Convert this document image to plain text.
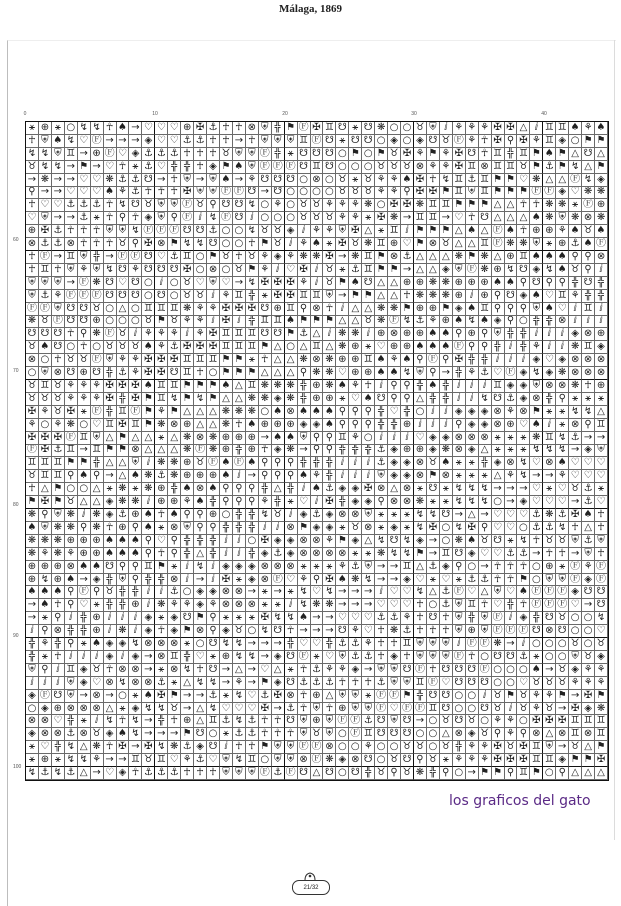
Málaga, 1869
0	10	20	30	40
60
70
80
90
100
⚹ ⊕ ⚹ ○ ↯ ↯ ☥ ♠ → ♡ ♡ ♡ ⊕ ✠ ⚓ ☥ ☥ ⊗ ⛨ ╬ ⚑ Ⓕ ✠ ♊ ☋ ⚹ ☋ ❋ ○ ○ ♉ ⛨ ⅈ ⚘ ⚘ ⚘ ✠ ✠ △ ⅈ ♊ ♊ ♠ ⚘ ♠
☥ ⛨ ♠ ↯ ♡ Ⓕ → → → ◈ ♡ ♡ ⚓ ⚓ ☥ ☥ → ☥ ⛨ ⛨ ⛨ ♊ Ⓕ ☋ ⚹ ☋ ☋ ○ ◈ ○ ◈ ☋ ♉ Ⓕ ⚘ ☥ ✠ ⚲ ✠ ⚘ ♊ ◈ ○ ⚑ ⚑
↯ ↯ ⛨ ♊ → ⊕ Ⓕ ♡ ◈ ⚓ ⚓ ⚓ ☥ ☥ ☥ ♉ ⛨ ⛨ Ⓕ ╬ ⚹ ☋ ☋ ☋ ○ ⚑ ○ ⚑ ♉ ✠ ⚘ ⚑ ⚘ ✠ ☋ ☥ ♊ ╬ ♊ ⚑ ♠ ⚑ △ ☋ △
♉ ↯ ↯ → ⚑ → ♡ ☥ ⚹ ⚓ ♡ ╬ ╬ ☥ ◈ ⚑ ♠ ⛨ Ⓕ Ⓕ Ⓕ ☋ ♊ ☋ ○ ○ ○ ♉ ♉ ♉ ⊗ ⚘ ⚘ ✠ ♊ ⊗ ♊ ♊ ♉ ⚑ ⚓ ⚑ ↯ △ ⚑
→ ❋ → → ♡ ♡ ❋ ⚓ ⚓ ☋ → ☥ ⛨ → ⛨ ♠ → ⚘ ☋ ☋ ☋ ○ ⊗ ○ ♉ ⚹ ♉ ⚘ ⚘ ♠ ✠ ☥ ↯ ♊ ⚓ ♊ ⚑ ⚑ ♡ ❋ △ △ Ⓕ ↯ ◈
⚲ → → ♡ ♡ ♡ ♠ ⚘ ⚓ ☥ ☥ ☥ ✠ ⛨ ⛨ Ⓕ Ⓕ ☋ → ☋ ○ ○ ○ ○ ♉ ♉ ♉ ⚘ ⚘ ⚲ ✠ ✠ ⚑ ♊ ⛨ ♊ ⚑ ⚑ ⚑ Ⓕ Ⓕ ◈ ♡ ❋ ❋
☥ ♡ ♡ ⚓ ⚓ ⚓ ☥ ↯ ☋ ♉ ⛨ ⛨ Ⓕ ♉ ⚲ ☋ ☋ ↯ ○ ⚘ ○ ♉ ♉ ⚘ ⚘ ⚘ ❋ ○ ✠ ✠ ❋ ♊ ♊ ⚑ ⚑ ⚑ △ △ ☥ ☥ ❋ ❋ ⚹ Ⓕ ⊕
♡ ⛨ → → ⚓ ⚹ ☥ ⚲ ☥ ◈ ⛨ ⚲ Ⓕ ⅈ ↯ Ⓕ ☋ ⅈ ○ ○ ○ ♉ ♉ ♉ ⚘ ⚘ ⚹ ✠ ❋ → ♊ ♊ → ♡ ☥ ☋ △ △ △ ♠ ❋ ⛨ ❋ ⊗ ❋
⊕ ✠ ⚓ ☥ ☥ ☥ ⛨ ⛨ ↯ Ⓕ Ⓕ Ⓕ ☋ ☋ ⚓ ○ ○ ↯ ♉ ♉ ◈ ⅈ ⚘ ⚘ ⛨ ✠ △ ⚹ ♊ ⅈ ⚑ ⚑ ⚑ △ ♠ △ Ⓕ ♠ ☥ ⊕ ⊕ ⚘ ♠ ♉ ♠
⊗ ⚓ ⚓ ⊗ ☥ ☥ ☥ ♉ ⚲ ✠ ⊗ ⚑ ↯ ↯ ☋ ○ ○ ☥ ⚑ ♉ ⅈ ⚘ ♠ ⚹ ✠ ♉ ❋ ♊ ⊕ ♡ ⚑ ⊗ ♉ △ △ ♊ Ⓕ ❋ ❋ ⛨ ⚹ ⊕ ⚓ ♠ Ⓕ
☥ Ⓕ → ♊ ⛨ ╬ → Ⓕ Ⓕ ☋ ♡ ⚓ ♊ ○ ⚑ ♉ ☥ ♉ ⚘ ◈ ⚘ ❋ ❋ ✠ → ❋ ♊ ⚑ ⊗ ⚓ △ △ △ ❋ ⚑ ❋ △ ⊕ ♊ ♠ ♠ ♠ ⚲ ⚲ ⊗
☥ ♊ ☥ ⛨ ⚘ ⛨ ↯ ☋ ⚘ ☋ ☋ ☋ ✠ ○ ⊗ ○ ♉ ⚑ ⚘ ⅈ ♡ ✠ ⅈ ♉ ⚹ ⚓ ♊ ⚑ ⚑ → △ △ ◈ ⛨ Ⓕ ❋ ⊕ ↯ ☋ ◈ ↯ ♠ ♉ ⚲ ⅈ
⛨ ⛨ ⛨ → Ⓕ ❋ ☋ ♡ ☋ ○ ⅈ ○ ♉ ♡ ⛨ ♡ → ↯ ✠ ✠ ✠ ⚘ ⅈ ♉ ⚑ ♠ ☋ △ △ ⊕ ⊕ ❋ ❋ ⊕ ⊕ ⊕ ♠ ♠ ⚲ ☋ ⚲ ⚲ ╬ ☋ ╬
⛨ ⚓ ⚘ Ⓕ Ⓕ Ⓕ ☋ ☋ ☋ ○ ☋ ○ ♉ ♉ ⅈ ⚘ ♊ ╬ ⚹ ✠ ✠ ♊ ♊ ⛨ → ⚑ ⚑ △ △ ☥ ❋ ❋ ❋ ⊕ ⅈ ⊕ ⚲ ☋ ◈ ♠ ♡ ♊ ⚘ ╬ ╬
Ⓕ Ⓕ ⛨ ☋ ☋ ♉ ○ △ ○ ♊ ♊ ♊ ❋ ⚘ ⚘ ✠ ✠ ✠ ☋ ⊕ ♊ ⚲ ⊗ ☥ ⅈ △ △ ❋ ❋ ⚑ ⊕ ⊕ ⚑ ◈ ♠ ♊ ⚲ ⚲ ⚲ ⛨ ♠ ♡ ⅈ ♊ ⅈ
❋ ♉ Ⓕ ☋ ☋ ⊕ ○ ○ ○ ♉ ⚑ ♉ ⚘ ⚘ ⅈ ✠ ⅈ ╬ ♊ ♊ ♠ ⚑ ⚑ ⚑ △ △ ♉ ❋ Ⓕ ↯ ⚓ ⚘ ⊕ ♠ ↯ ♠ ◈ ⚲ ○ ╬ ╬ ⊗ ⅈ ⅈ ⅈ
☋ ☋ ☋ ☥ ⚲ ❋ Ⓕ ♉ ⅈ ⚘ ⚘ ⚘ ⅈ ⚘ ✠ ♊ ♊ ♊ ☋ ☋ ⚑ ⚓ △ ⅈ ❋ ❋ ⅈ ⊕ ⊗ ⊕ ⊕ ♠ ♠ ⚲ ⊕ ⚲ ⛨ ╬ ╬ ⅈ ⅈ ⅈ ◈ ⊗ ⊕
♉ ♠ ☋ ○ ☥ ○ ♉ ♉ ♉ ♠ ⚘ ⚓ ✠ ✠ ✠ ♊ ♊ ♊ ⚑ △ ○ △ ♊ △ ❋ ⊕ ⚹ ♡ ⊕ ⊕ ♠ ♠ ♠ Ⓕ ⚲ ⚲ ╬ ⅈ ╬ ⚘ ⅈ ⅈ ❋ ♊ ◈
⊗ ○ ☥ ♉ ♉ Ⓕ ⛨ ⚘ ⚘ ✠ ✠ ✠ ♊ ♊ ♊ ⚑ ⚑ ⚹ ☥ △ △ ❋ ⊗ ❋ ⊕ ⊕ ♊ ♠ ⚘ ♠ ⚲ Ⓕ ⚲ ✠ ╬ ╬ ⅈ ⅈ ⅈ ◈ ♡ ◈ ⊗ ⊗ ⊗
○ ⛨ ⊗ ☋ ⊕ ☋ ╬ ⚓ ⚘ ✠ ✠ ☋ ♊ ☥ ○ ⚑ ⚑ ⚑ △ △ △ ⚲ ❋ ❋ ♡ ⊕ ⊕ ♠ ♠ ↯ ⛨ ⚲ → ╬ ⚘ ⚓ ♡ Ⓕ ◈ ↯ ◈ ❋ ⊗ ⊗ ⊗
♉ ♊ ♉ ⚘ ⚘ ⚘ ✠ ✠ ✠ ♠ ♊ ♊ ⚑ ⚑ ⚑ ♠ △ ♊ ❋ ❋ ❋ ╬ ⊕ ❋ ♠ ⚘ ☥ ⅈ ⚲ ⚲ ╬ ♠ ╬ ⅈ ⅈ ⅈ ♊ ◈ ◈ ⛨ ⊗ ⊗ ❋ ☥ ⊕
♉ ♉ ♉ ⚘ ⚘ ⚘ ✠ ╬ ✠ ⚑ ♊ ↯ ⚑ ↯ ⚑ △ △ ❋ ❋ ◈ ❋ ╬ ⊕ ⊕ ⚹ ♡ ♠ ☋ ⚲ ⚲ △ ╬ ╬ ⅈ ⅈ ↯ ☋ ⚓ ◈ ⊗ ╬ ⚲ ⚹ ⚹ ⚹
✠ ⚘ ♉ ✠ ⚹ Ⓕ ╬ ♊ Ⓕ ⚑ ⚘ ⚑ △ △ △ ❋ ❋ ❋ ○ ♠ ⊗ ♠ ♠ ♠ ⚲ ⚲ ⚲ ╬ ♡ ╬ ○ ⅈ ⅈ ◈ ◈ ◈ ⊗ ⚘ ⊗ ⚑ ⚹ ⚹ ↯ ↯ △
⚘ ○ ⚘ ❋ ○ ♡ ♊ ✠ ♊ ⚑ ❋ ⊗ ⊕ △ △ ❋ ☥ ♠ ⊕ ⊕ ⊕ ◈ ◈ ♠ ⚲ ⚲ ⚲ ╬ ╬ ⊕ ⅈ ⅈ ⅈ ⚲ ◈ ◈ ⊗ ⊕ ♡ ♠ ⅈ ⚹ ⊗ ⚲ ♊
✠ ✠ ✠ Ⓕ ♊ ⛨ △ ⚑ △ △ ⚹ △ ❋ ⊗ ❋ ⊕ ⊕ ⊕ → ♠ ♠ ⛨ ⚲ ⚲ ♊ ⚘ ○ ⅈ ⅈ ⅈ ♡ ◈ ◈ ⊗ ⊗ ⊗ ⚹ ⚹ ⚹ ❋ ♊ ↯ ⚓ → →
Ⓕ ✠ ⚓ ♊ → ♊ ⚑ ⚑ ⊗ △ △ △ ❋ Ⓕ ❋ ⊕ ╬ ⊕ ☥ ◈ ❋ → ⚲ ⚲ ╬ ╬ ╬ ⚓ ◈ ⊕ ⊕ ◈ ❋ ⊗ ◈ △ ⚹ ⚹ ⚹ ↯ ↯ ↯ → ◈ ⛨
♊ ♊ ♊ ⚑ ⚑ ╬ △ △ ⛨ ⅈ ❋ ❋ ⊕ ♉ Ⓕ ♠ Ⓕ ♠ ⚲ ⚲ ⚲ ╬ ╬ ╬ ⅈ ⅈ ⅈ ⚓ ◈ ◈ ⊗ ♉ ♠ ⚹ ⚹ ╬ ◈ ⊗ ↯ ♡ ⊗ ♠ ♡ ♡ ♡
♉ ♊ ♊ ⚲ ♠ ⚲ → △ ♠ ❋ ⚓ ❋ ⊕ ⊕ ⊕ ♠ ⅈ → ⚲ ⚲ ⚲ ♠ ⚘ ╬ ⅈ ⅈ ⅈ ⛨ ◈ ◈ ⊗ ⚑ ⊗ ⚹ ⚹ ⚹ △ ⚘ ↯ → → ⚘ ♡ ♡ ♡
☥ △ ⚑ ○ ○ △ ⚹ ❋ ⚹ ❋ ⊕ ╬ ♠ ⊗ ♠ ⚲ ⚲ ⚲ ╬ △ ╬ ⅈ ♠ ⚓ ◈ ◈ ✠ ⊗ △ ⊗ ⚹ ☋ ⚹ ↯ ↯ ↯ → → → ♡ ⚹ ♡ ♉ ⚓ ⚹
⚑ ✠ ⚑ ♉ △ △ ◈ ❋ ❋ ⅈ ⊕ ⊕ ⚘ ♠ ╬ ⚲ ⚲ ⚲ ⚘ ╬ ⚹ ♡ ⅈ ✠ ╬ ◈ ◈ ⚲ ⊗ ⊗ ❋ ⚹ ⚹ ↯ ↯ ↯ ○ → ◈ ♡ ♡ ♡ → ⚓ ♡
❋ ⚲ ⛨ ❋ ⅈ ❋ ◈ ⚓ ⊕ ♠ ☥ ♠ ⚲ ⚲ ⊕ ○ ╬ ╬ ↯ ♉ ⅈ ◈ ⚓ ◈ ⊗ ⊗ ⛨ ⚹ ⚹ ⚹ ↯ ↯ ☋ → △ → ♡ ♡ ♡ ⚓ ❋ ⚓ ✠ ♠ ☥
♠ ⛨ ❋ ❋ ⚲ ❋ ☥ ⊕ ⚲ ♠ ⚹ ⊗ ⛨ ⚲ ⚲ ╬ ╬ ╬ ⅈ ⅈ ⊗ ⚑ ◈ ◈ ⚹ ♉ ⊗ ⚹ ◈ ⚹ ↯ ✠ ○ ↯ ✠ ⚲ ♡ ♡ ○ ⚓ ⚓ ↯ ☥ △ ☥
❋ ❋ ❋ ⊕ ⊕ ⊕ ♠ ♠ ♠ ⚲ ♡ ⚲ ╬ ╬ ╬ ⅈ ⅈ ○ ✠ ◈ ◈ ⊗ ⊗ ⚘ ⚑ ◈ △ ↯ ☋ ↯ ◈ → ○ ❋ ♠ ♉ ☋ ⚹ ↯ ☥ ♉ ♉ ⛨ ⚓ ⛨
❋ ⚘ ❋ ⚘ ⊕ ⊕ ♠ ♠ ♠ ⚲ ☥ ⚲ ╬ △ ╬ ⅈ ⅈ ╬ ◈ ⚓ ◈ ⊗ ⊗ ⊗ ⊗ ⚹ ⚹ ❋ ↯ ↯ ⚑ → ♊ ☋ ◈ ♡ ♡ ⚓ ⚓ → ☥ ☥ → ⛨ ☥
⊕ ⊕ ⊕ ⊗ ♠ ♠ ☋ ⚲ ⚲ ♊ ⚑ ⚹ ⅈ ↯ ⅈ ◈ ◈ ◈ ⊗ ⊗ ⊗ ⚹ ⚹ ⚹ ⚘ ⚓ ⛨ → → ♊ △ ⚓ ◈ ⚲ ○ → ☥ ☥ ☥ ○ ⊕ ⚹ Ⓕ ⚘ Ⓕ
⊕ ↯ ⊕ ♠ → ◈ ╬ ⛨ ⚲ ╬ ╬ ⊗ ⅈ → ⅈ ✠ ⚹ ◈ ⊗ Ⓕ ♡ ⚘ ⚲ ✠ ♠ ❋ ↯ → → ◈ ♡ ⚹ ♡ ⚹ ⚓ ⚓ ☥ ☥ ⚑ ○ ⛨ ⛨ Ⓕ ◈ Ⓕ
♠ ♠ ♠ ⚲ Ⓕ ⚲ ♉ ╬ ╬ ⅈ ⅈ ⚓ ○ ◈ ◈ ⊗ ⊗ → ⚹ → ⚹ ↯ ♡ ↯ → → → ⅈ ♡ ♡ ↯ △ ⚓ Ⓕ ♡ △ ⛨ ♡ ♠ Ⓕ Ⓕ Ⓕ ◈ ☋ ☋
→ ♠ ☥ ⚲ ♡ ⚹ ╬ ╬ ⊕ ⅈ ❋ ⚘ ⚘ ◈ ⚘ ⊗ ⊗ ⊗ ⚹ ⚹ ⅈ ↯ ❋ ❋ → → → ♡ ♡ ♡ ☥ ○ ⚓ ⛨ ♊ ☥ ♡ ╬ ☥ Ⓕ Ⓕ Ⓕ ♡ → ☋
→ ⚹ ⚲ ⅈ ╬ ⊕ ⅈ ⅈ ⅈ ◈ ⚹ ◈ ☋ ⚑ ⚲ ⚹ ⚹ ⚹ ✠ ↯ ↯ ♠ → → ♡ ♡ ♡ ⚓ ⚓ ⚘ ☥ ☋ ☥ ⛨ ╬ ⛨ Ⓕ ⅈ ◈ ╬ ☋ ♉ ○ ○ ↯
ⅈ ⚲ ⊗ ╬ ╬ ⊕ ⅈ ❋ ⅈ ◈ ☥ ◈ ⚑ ⊗ ⚲ ◈ ♉ ○ ↯ ☋ ☥ → → → ☋ ⚘ ♡ ☥ ❋ ⚓ ☥ ☥ ☥ ⛨ ⊕ ⛨ Ⓕ Ⓕ Ⓕ ☋ ⊗ ☋ ○ ○ ♡
╬ ⚘ ╬ ⚲ ⚹ ♠ ◈ ◈ ↯ ⊗ ⊗ ⊗ ⚹ ○ ☋ ↯ ↯ → → → ╬ ♡ ♡ ╬ ⚓ ⚓ ⚘ ☥ ☥ ♊ ⛨ ⛨ ⛨ ⅈ Ⓕ Ⓕ ❋ → ⅈ ○ ○ ○ ♉ ○ ♉
╬ ⚹ ☥ ⅈ ⅈ ⅈ ◈ ⅈ ◈ → ⊗ ♊ ╬ ♡ ⚹ ⊕ ↯ ↯ → ◈ ☋ Ⓕ ⚹ ♡ ⛨ ⚓ ⚓ ☥ ◈ ☥ ⛨ ⛨ ⛨ Ⓕ ☥ ○ ☋ ☋ ⚓ ⚹ ○ ○ ⛨ ♉ ◈
⛨ ⚲ ⅈ ♊ ◈ ♉ ☥ ⊗ ⊗ → ⚹ ⊗ ↯ ☥ ☋ → △ → ♡ △ ⚹ ☥ ⚓ ⚘ ⚘ ◈ → ⛨ ⛨ ☋ Ⓕ ☥ ☋ ☋ ☋ Ⓕ ○ ○ ○ ♠ → ♉ ◈ ⚘ ⚘
ⅈ ⅈ ⅈ ⛨ ◈ ♡ ⊗ ↯ ⊗ ⊗ ⚓ ⚹ △ ↯ ↯ → ⚘ → ⚑ ◈ ☋ ⚓ ⚓ ⚓ ☥ ☥ ☥ ⚓ ⛨ ⛨ ♊ Ⓕ ♡ ☋ ☋ ☋ ○ ○ ♡ ♉ ♉ ♉ ⚘ ⚘ ⚘
◈ Ⓕ ☋ ⛨ → ⊗ → ○ ⚹ ♠ ✠ ⚑ → → ⚓ ⚹ ↯ ♡ ⚓ ✠ ⊗ ☥ ⊕ △ ⛨ ⛨ ⚹ Ⓕ Ⓕ ⚑ ╬ ☋ ☋ ○ ○ ⅈ ♉ ⚑ ♉ ⚘ ⚘ ⚑ → ✠ ⚑
○ ◈ ⊕ ⊗ ⊗ ⊗ △ ⚹ ◈ ↯ ↯ ♉ → △ ↯ ♡ ♡ ♡ ✠ → ⚓ ☥ ⛨ ☥ ⊕ ⛨ ⛨ Ⓕ ♡ Ⓕ Ⓕ ♊ ☋ ○ ○ ☋ ♉ ⅈ ♉ ⚘ ♉ → ✠ ◈ ❋
⊗ ⊗ ♡ ╬ ⚹ ⅈ ↯ ☥ ↯ → ╬ ☥ ⊕ △ ♊ ⚓ ↯ ⚓ ☥ ☥ ☋ ⛨ ⊕ ⛨ Ⓕ Ⓕ ⚓ ☋ ⛨ ☋ → ○ ♉ ☋ ♉ ○ ⚘ ⚘ ○ ✠ ✠ ✠ ♊ ♊ ♊
◈ ⊗ ⊗ ⚓ ⊗ ♉ ◈ ♠ ↯ → → → ⚑ ☋ ○ ⚹ ⚓ ⚓ ☥ ☥ ☥ ⛨ ♉ ⛨ ○ Ⓕ ♊ ☋ ☋ ☋ ○ ○ △ ⊗ ◈ ♉ ⚲ ⚘ ⚲ ⊗ △ ⊗ ♊ ⊗ ♊
⚹ ♡ ╬ ↯ △ ❋ ☥ ✠ → ✠ ↯ ❋ ⚓ ◈ ☋ ⅈ ☥ ☥ ⚑ ⛨ ⛨ Ⓕ Ⓕ ⊗ ○ ○ ⚘ ○ ○ ♉ ♉ ○ ♉ ╬ ⚘ ⚘ ✠ ♉ ✠ ♊ ⛨ → ♉ △ ⚑
⚹ ⊕ ⚹ ↯ ↯ ⚘ → → ♊ ♉ ♊ ♡ ⚘ ⚓ ♡ ⛨ ↯ ♊ ○ ⛨ ⛨ ⊗ Ⓕ ❋ ◈ ⊗ ☋ ○ ♉ ☋ ⚲ ♉ ⚹ ⚘ ⚘ ⚘ ✠ ✠ ✠ ♊ ♊ ◈ ⚑ ⚑ ✠
↯ ⚓ ↯ ⚓ △ → ♡ ◈ ☥ ⚓ ⚓ ⚓ ☥ ☥ ☥ ⛨ ⛨ ⛨ Ⓕ ⚓ Ⓕ ☋ △ ☋ ○ ☋ ╬ ♉ ⚲ ♉ ❋ ╬ ⚲ ○ → ⚑ ⚑ ⚲ ♊ ⚑ ○ ⚲ △ △ △
los graficos del gato
21/32
